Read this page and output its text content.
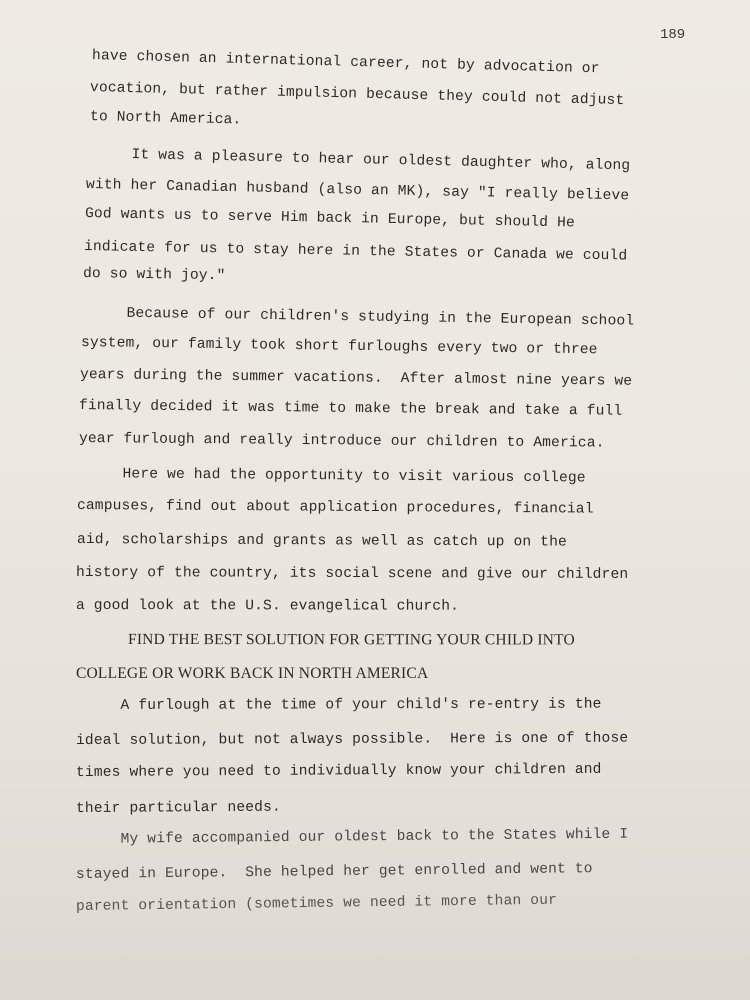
189
have chosen an international career, not by advocation or
vocation, but rather impulsion because they could not adjust
to North America.
It was a pleasure to hear our oldest daughter who, along
with her Canadian husband (also an MK), say "I really believe
God wants us to serve Him back in Europe, but should He
indicate for us to stay here in the States or Canada we could
do so with joy."
Because of our children's studying in the European school
system, our family took short furloughs every two or three
years during the summer vacations.  After almost nine years we
finally decided it was time to make the break and take a full
year furlough and really introduce our children to America.
Here we had the opportunity to visit various college
campuses, find out about application procedures, financial
aid, scholarships and grants as well as catch up on the
history of the country, its social scene and give our children
a good look at the U.S. evangelical church.
FIND THE BEST SOLUTION FOR GETTING YOUR CHILD INTO
COLLEGE OR WORK BACK IN NORTH AMERICA
A furlough at the time of your child's re-entry is the
ideal solution, but not always possible.  Here is one of those
times where you need to individually know your children and
their particular needs.
My wife accompanied our oldest back to the States while I
stayed in Europe.  She helped her get enrolled and went to
parent orientation (sometimes we need it more than our
